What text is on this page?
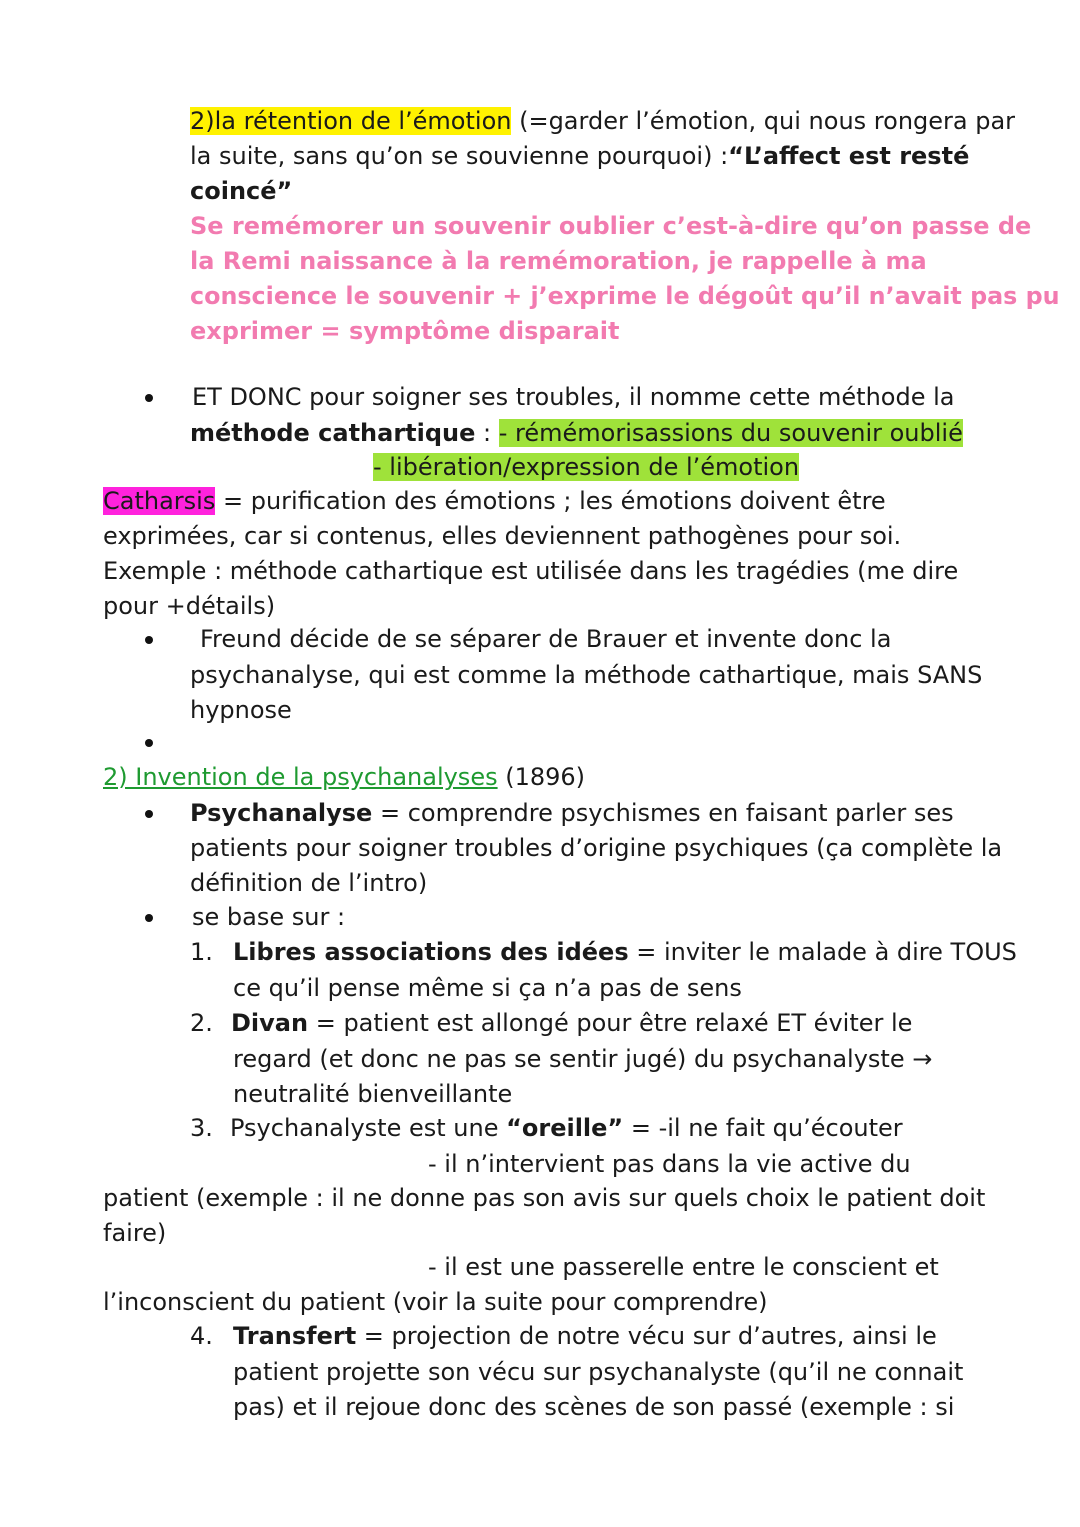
2)la rétention de l’émotion (=garder l’émotion, qui nous rongera par
la suite, sans qu’on se souvienne pourquoi) :“L’affect est resté
coincé”
Se remémorer un souvenir oublier c’est-à-dire qu’on passe de
la Remi naissance à la remémoration, je rappelle à ma
conscience le souvenir + j’exprime le dégoût qu’il n’avait pas pu
exprimer = symptôme disparait
ET DONC pour soigner ses troubles, il nomme cette méthode la
méthode cathartique : - rémémorisassions du souvenir oublié
- libération/expression de l’émotion
Catharsis = purification des émotions ; les émotions doivent être
exprimées, car si contenus, elles deviennent pathogènes pour soi.
Exemple : méthode cathartique est utilisée dans les tragédies (me dire
pour +détails)
Freund décide de se séparer de Brauer et invente donc la
psychanalyse, qui est comme la méthode cathartique, mais SANS
hypnose
2) Invention de la psychanalyses (1896)
Psychanalyse = comprendre psychismes en faisant parler ses
patients pour soigner troubles d’origine psychiques (ça complète la
définition de l’intro)
se base sur :
1. Libres associations des idées = inviter le malade à dire TOUS
ce qu’il pense même si ça n’a pas de sens
2. Divan = patient est allongé pour être relaxé ET éviter le
regard (et donc ne pas se sentir jugé) du psychanalyste →
neutralité bienveillante
3. Psychanalyste est une “oreille” = -il ne fait qu’écouter
- il n’intervient pas dans la vie active du
patient (exemple : il ne donne pas son avis sur quels choix le patient doit
faire)
- il est une passerelle entre le conscient et
l’inconscient du patient (voir la suite pour comprendre)
4. Transfert = projection de notre vécu sur d’autres, ainsi le
patient projette son vécu sur psychanalyste (qu’il ne connait
pas) et il rejoue donc des scènes de son passé (exemple : si
